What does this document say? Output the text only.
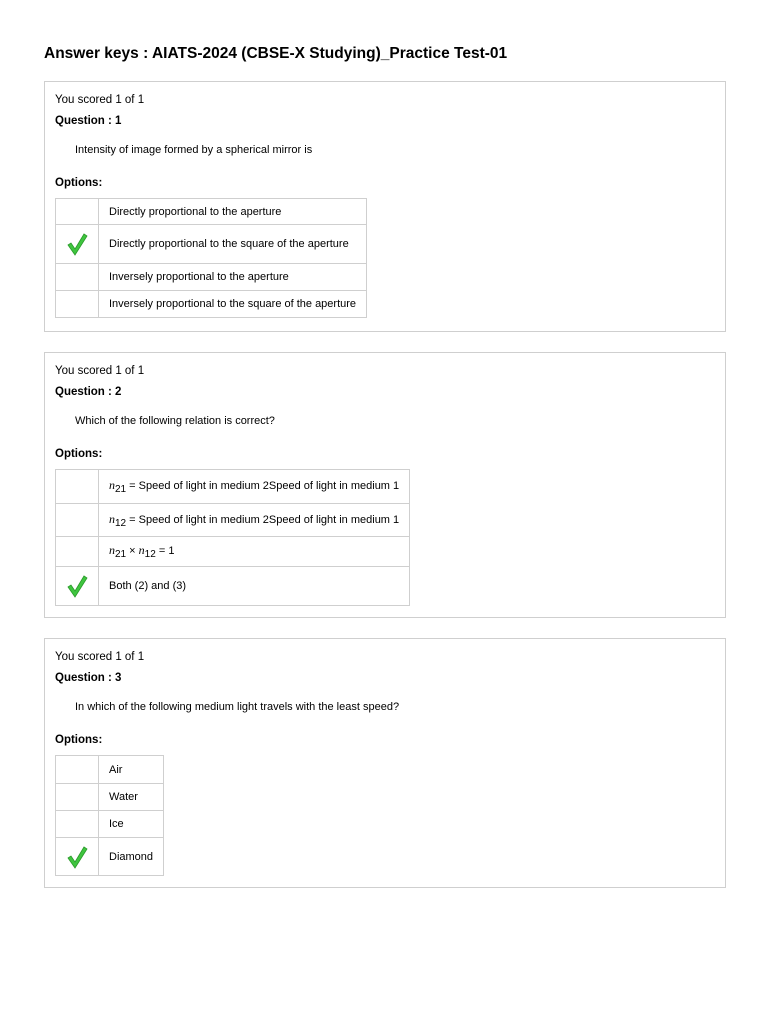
Answer keys : AIATS-2024 (CBSE-X Studying)_Practice Test-01
You scored 1 of 1
Question : 1
Intensity of image formed by a spherical mirror is
Options:
	Directly proportional to the aperture
	Directly proportional to the square of the aperture
	Inversely proportional to the aperture
	Inversely proportional to the square of the aperture
You scored 1 of 1
Question : 2
Which of the following relation is correct?
Options:
	$n_{21}$ = Speed of light in medium 2Speed of light in medium 1
	$n_{12}$ = Speed of light in medium 2Speed of light in medium 1
	$n_{21} \times n_{12} = 1$
	Both (2) and (3)
You scored 1 of 1
Question : 3
In which of the following medium light travels with the least speed?
Options:
	Air
	Water
	Ice
	Diamond
